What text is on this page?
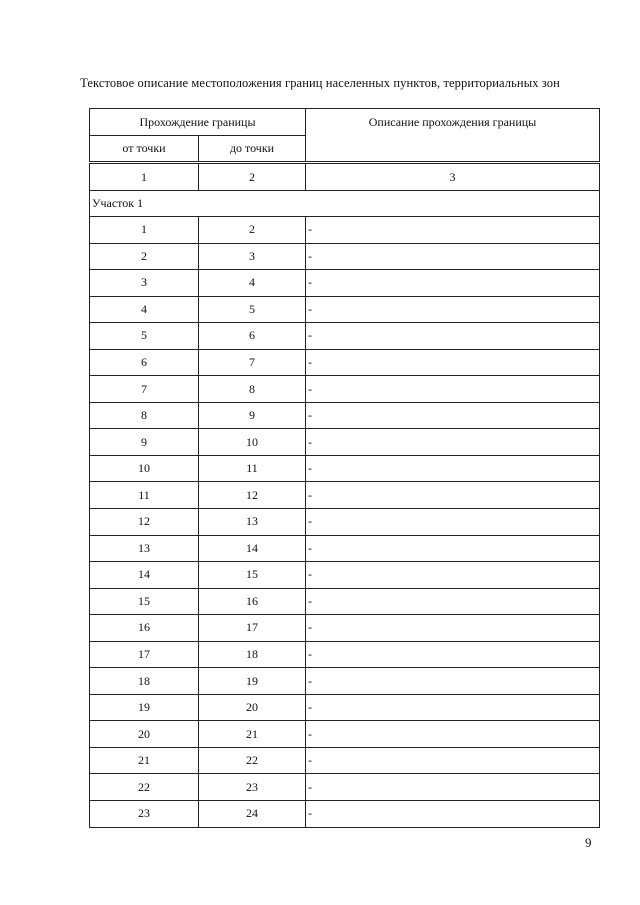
Текстовое описание местоположения границ населенных пунктов, территориальных зон
Прохождение границы		Описание прохождения границы
от точки	до точки	
1	2	3
Участок 1		
1	2	-
2	3	-
3	4	-
4	5	-
5	6	-
6	7	-
7	8	-
8	9	-
9	10	-
10	11	-
11	12	-
12	13	-
13	14	-
14	15	-
15	16	-
16	17	-
17	18	-
18	19	-
19	20	-
20	21	-
21	22	-
22	23	-
23	24	-
9
